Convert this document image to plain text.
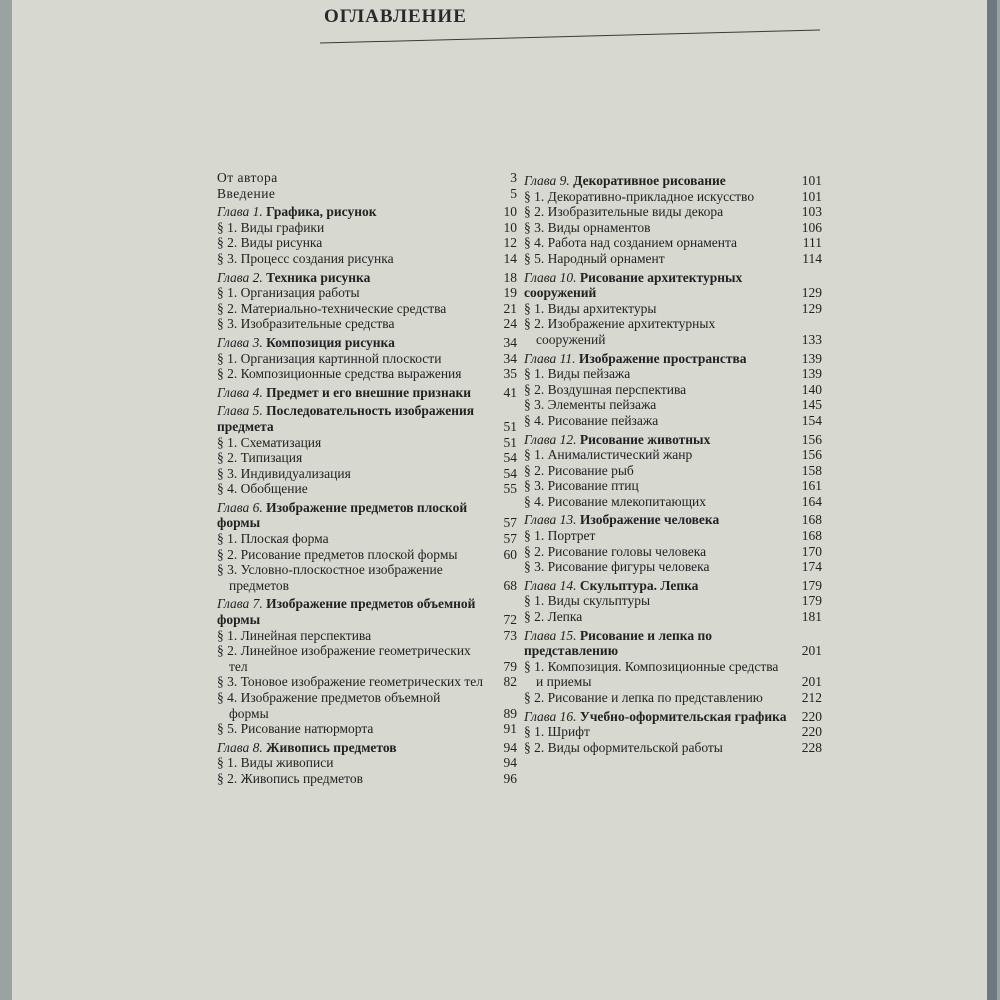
ОГЛАВЛЕНИЕ
От автора	3
Введение	5
Глава 1. Графика, рисунок	10
§ 1. Виды графики	10
§ 2. Виды рисунка	12
§ 3. Процесс создания рисунка	14
Глава 2. Техника рисунка	18
§ 1. Организация работы	19
§ 2. Материально-технические средства	21
§ 3. Изобразительные средства	24
Глава 3. Композиция рисунка	34
§ 1. Организация картинной плоскости	34
§ 2. Композиционные средства выражения	35
Глава 4. Предмет и его внешние признаки	41
Глава 5. Последовательность изображения предмета	51
§ 1. Схематизация	51
§ 2. Типизация	54
§ 3. Индивидуализация	54
§ 4. Обобщение	55
Глава 6. Изображение предметов плоской формы	57
§ 1. Плоская форма	57
§ 2. Рисование предметов плоской формы	60
§ 3. Условно-плоскостное изображение предметов	68
Глава 7. Изображение предметов объемной формы	72
§ 1. Линейная перспектива	73
§ 2. Линейное изображение геометрических тел	79
§ 3. Тоновое изображение геометрических тел	82
§ 4. Изображение предметов объемной формы	89
§ 5. Рисование натюрморта	91
Глава 8. Живопись предметов	94
§ 1. Виды живописи	94
§ 2. Живопись предметов	96
Глава 9. Декоративное рисование	101
§ 1. Декоративно-прикладное искусство	101
§ 2. Изобразительные виды декора	103
§ 3. Виды орнаментов	106
§ 4. Работа над созданием орнамента	111
§ 5. Народный орнамент	114
Глава 10. Рисование архитектурных сооружений	129
§ 1. Виды архитектуры	129
§ 2. Изображение архитектурных сооружений	133
Глава 11. Изображение пространства	139
§ 1. Виды пейзажа	139
§ 2. Воздушная перспектива	140
§ 3. Элементы пейзажа	145
§ 4. Рисование пейзажа	154
Глава 12. Рисование животных	156
§ 1. Анималистический жанр	156
§ 2. Рисование рыб	158
§ 3. Рисование птиц	161
§ 4. Рисование млекопитающих	164
Глава 13. Изображение человека	168
§ 1. Портрет	168
§ 2. Рисование головы человека	170
§ 3. Рисование фигуры человека	174
Глава 14. Скульптура. Лепка	179
§ 1. Виды скульптуры	179
§ 2. Лепка	181
Глава 15. Рисование и лепка по представлению	201
§ 1. Композиция. Композиционные средства и приемы	201
§ 2. Рисование и лепка по представлению	212
Глава 16. Учебно-оформительская графика	220
§ 1. Шрифт	220
§ 2. Виды оформительской работы	228
